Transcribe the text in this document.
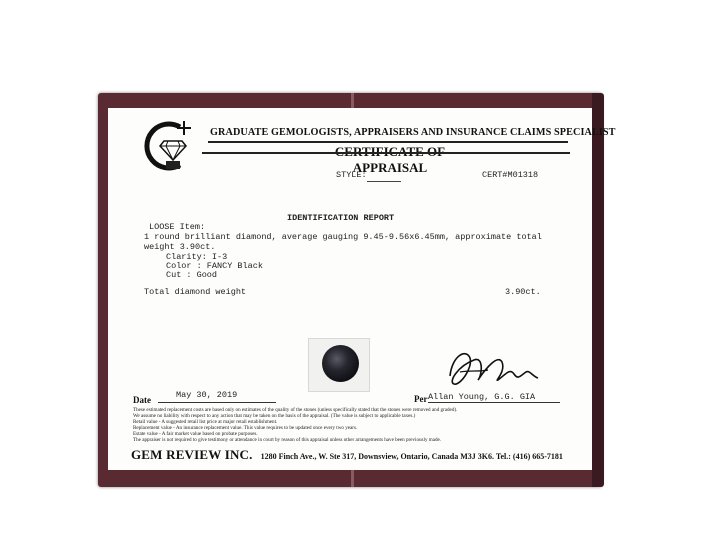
GRADUATE GEMOLOGISTS, APPRAISERS AND INSURANCE CLAIMS SPECIALIST
APPRAISAL
STYLE:	CERT#M01318
IDENTIFICATION REPORT
LOOSE Item:
1 round brilliant diamond, average gauging 9.45-9.56x6.45mm, approximate total
weight 3.90ct.
Clarity: I-3
Color : FANCY Black
Cut : Good
Total diamond weight	3.90ct.
May 30, 2019
Date	Allan Young, G.G. GIA
Per
These estimated replacement costs are based only on estimates of the quality of the stones (unless specifically stated that the stones were removed and graded).
We assume no liability with respect to any action that may be taken on the basis of the appraisal. (The value is subject to applicable taxes.)
Retail value - A suggested retail list price at major retail establishment.
Replacement value - An insurance replacement value. This value requires to be updated once every two years.
Estate value - A fair market value based on probate purposes.
The appraiser is not required to give testimony or attendance in court by reason of this appraisal unless other arrangements have been previously made.
GEM REVIEW INC. 1280 Finch Ave., W. Ste 317, Downsview, Ontario, Canada M3J 3K6. Tel.: (416) 665-7181
